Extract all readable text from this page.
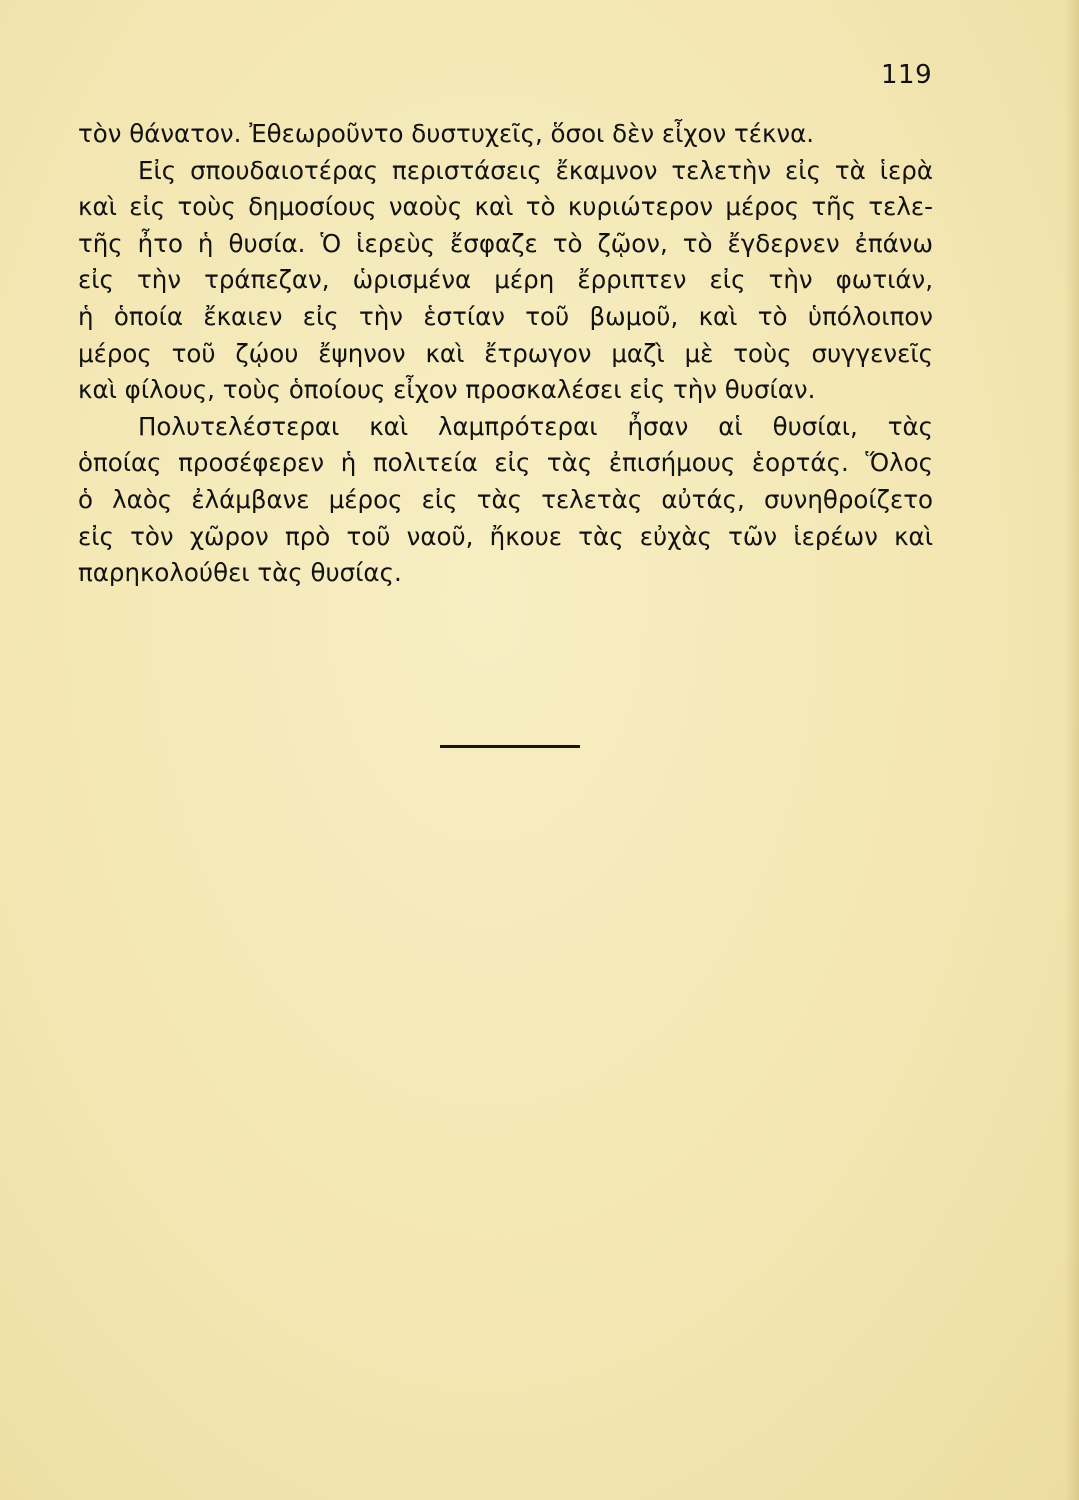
119
τὸν θάνατον. Ἐθεωροῦντο δυστυχεῖς, ὅσοι δὲν εἶχον τέκνα.
Εἰς σπουδαιοτέρας περιστάσεις ἔκαμνον τελετὴν εἰς τὰ ἱερὰ
καὶ εἰς τοὺς δημοσίους ναοὺς καὶ τὸ κυριώτερον μέρος τῆς τελε-
τῆς ἦτο ἡ θυσία. Ὁ ἱερεὺς ἔσφαζε τὸ ζῷον, τὸ ἔγδερνεν ἐπάνω
εἰς τὴν τράπεζαν, ὡρισμένα μέρη ἔρριπτεν εἰς τὴν φωτιάν,
ἡ ὁποία ἔκαιεν εἰς τὴν ἑστίαν τοῦ βωμοῦ, καὶ τὸ ὑπόλοιπον
μέρος τοῦ ζῴου ἔψηνον καὶ ἔτρωγον μαζὶ μὲ τοὺς συγγενεῖς
καὶ φίλους, τοὺς ὁποίους εἶχον προσκαλέσει εἰς τὴν θυσίαν.
Πολυτελέστεραι καὶ λαμπρότεραι ἦσαν αἱ θυσίαι, τὰς
ὁποίας προσέφερεν ἡ πολιτεία εἰς τὰς ἐπισήμους ἑορτάς. Ὅλος
ὁ λαὸς ἐλάμβανε μέρος εἰς τὰς τελετὰς αὐτάς, συνηθροίζετο
εἰς τὸν χῶρον πρὸ τοῦ ναοῦ, ἤκουε τὰς εὐχὰς τῶν ἱερέων καὶ
παρηκολούθει τὰς θυσίας.
